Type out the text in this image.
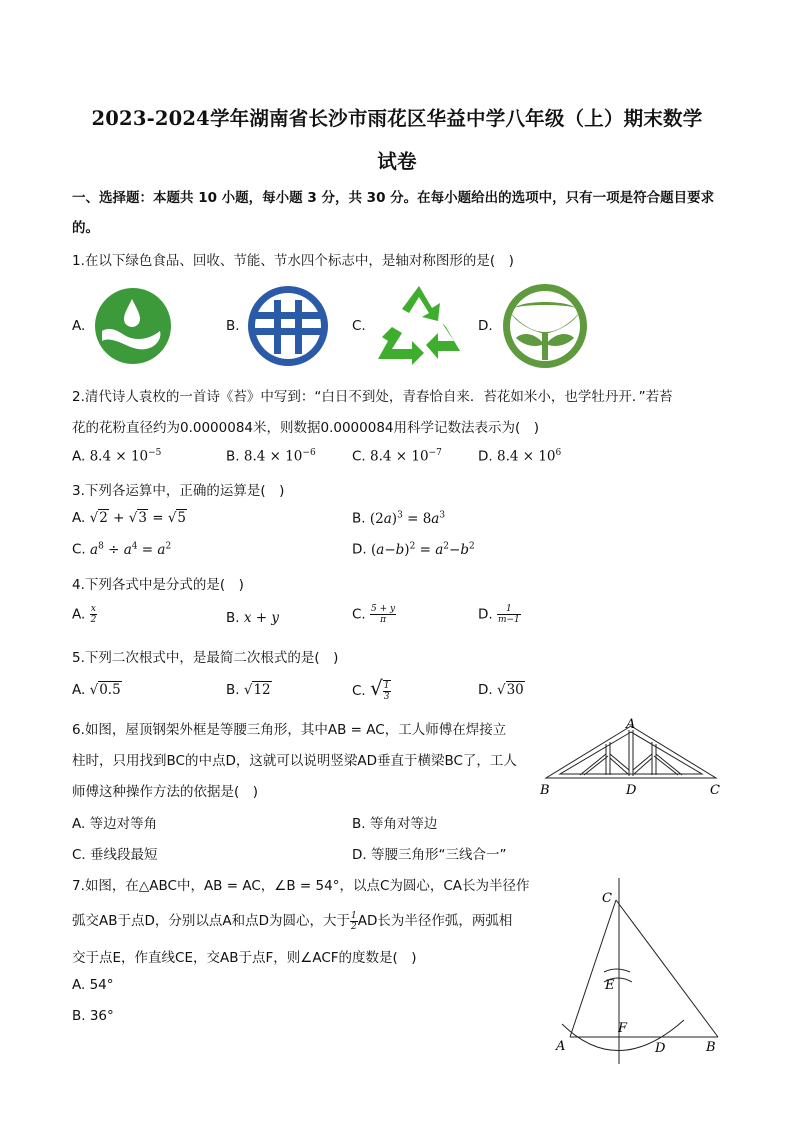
2023-2024学年湖南省长沙市雨花区华益中学八年级（上）期末数学
试卷
一、选择题：本题共 10 小题，每小题 3 分，共 30 分。在每小题给出的选项中，只有一项是符合题目要求
的。
1.在以下绿色食品、回收、节能、节水四个标志中，是轴对称图形的是(　)
A.	B.	C.	D.
2.清代诗人袁枚的一首诗《苔》中写到：“白日不到处，青春恰自来．苔花如米小，也学牡丹开．”若苔
花的花粉直径约为0.0000084米，则数据0.0000084用科学记数法表示为(　)
A. $8.4 \times 10^{-5}$	B. $8.4 \times 10^{-6}$	C. $8.4 \times 10^{-7}$	D. $8.4 \times 10^6$
3.下列各运算中，正确的运算是(　)
A. √2 + √3 = √5	B. $(2a)^3 = 8a^3$
C. $a^8 \div a^4 = a^2$	D. $(a-b)^2 = a^2-b^2$
4.下列各式中是分式的是(　)
A. $\frac{x}{2}$	B. x + y	C. $\frac{5 + y}{\pi}$	D. $\frac{1}{m-1}$
5.下列二次根式中，是最简二次根式的是(　)
A. √0.5	B. √12	C. √ $\frac{1}{3}$	D. √30
6.如图，屋顶钢架外框是等腰三角形，其中AB = AC，工人师傅在焊接立
柱时，只用找到BC的中点D，这就可以说明竖梁AD垂直于横梁BC了，工人
师傅这种操作方法的依据是(　)
A. 等边对等角	B. 等角对等边
C. 垂线段最短	D. 等腰三角形“三线合一”
A
B	D	C
7.如图，在△ABC中，AB = AC，∠B = 54°，以点C为圆心，CA长为半径作
弧交AB于点D，分别以点A和点D为圆心，大于 $\frac{1}{2}$ AD长为半径作弧，两弧相
交于点E，作直线CE，交AB于点F，则∠ACF的度数是(　)
A. 54°
B. 36°
C
E
F
A	D	B
